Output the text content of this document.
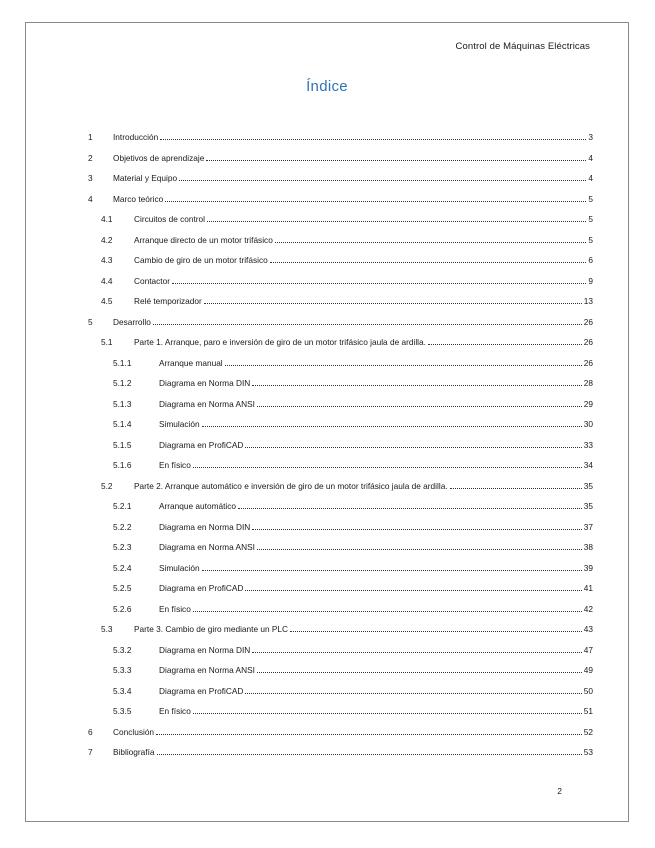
Control de Máquinas Eléctricas
Índice
1	Introducción	3
2	Objetivos de aprendizaje	4
3	Material y Equipo	4
4	Marco teórico	5
4.1	Circuitos de control	5
4.2	Arranque directo de un motor trifásico	5
4.3	Cambio de giro de un motor trifásico	6
4.4	Contactor	9
4.5	Relé temporizador	13
5	Desarrollo	26
5.1	Parte 1. Arranque, paro e inversión de giro de un motor trifásico jaula de ardilla.	26
5.1.1	Arranque manual	26
5.1.2	Diagrama en Norma DIN	28
5.1.3	Diagrama en Norma ANSI	29
5.1.4	Simulación	30
5.1.5	Diagrama en ProfiCAD	33
5.1.6	En físico	34
5.2	Parte 2. Arranque automático e inversión de giro de un motor trifásico jaula de ardilla.	35
5.2.1	Arranque automático	35
5.2.2	Diagrama en Norma DIN	37
5.2.3	Diagrama en Norma ANSI	38
5.2.4	Simulación	39
5.2.5	Diagrama en ProfiCAD	41
5.2.6	En físico	42
5.3	Parte 3. Cambio de giro mediante un PLC	43
5.3.2	Diagrama en Norma DIN	47
5.3.3	Diagrama en Norma ANSI	49
5.3.4	Diagrama en ProfiCAD	50
5.3.5	En físico	51
6	Conclusión	52
7	Bibliografía	53
2
